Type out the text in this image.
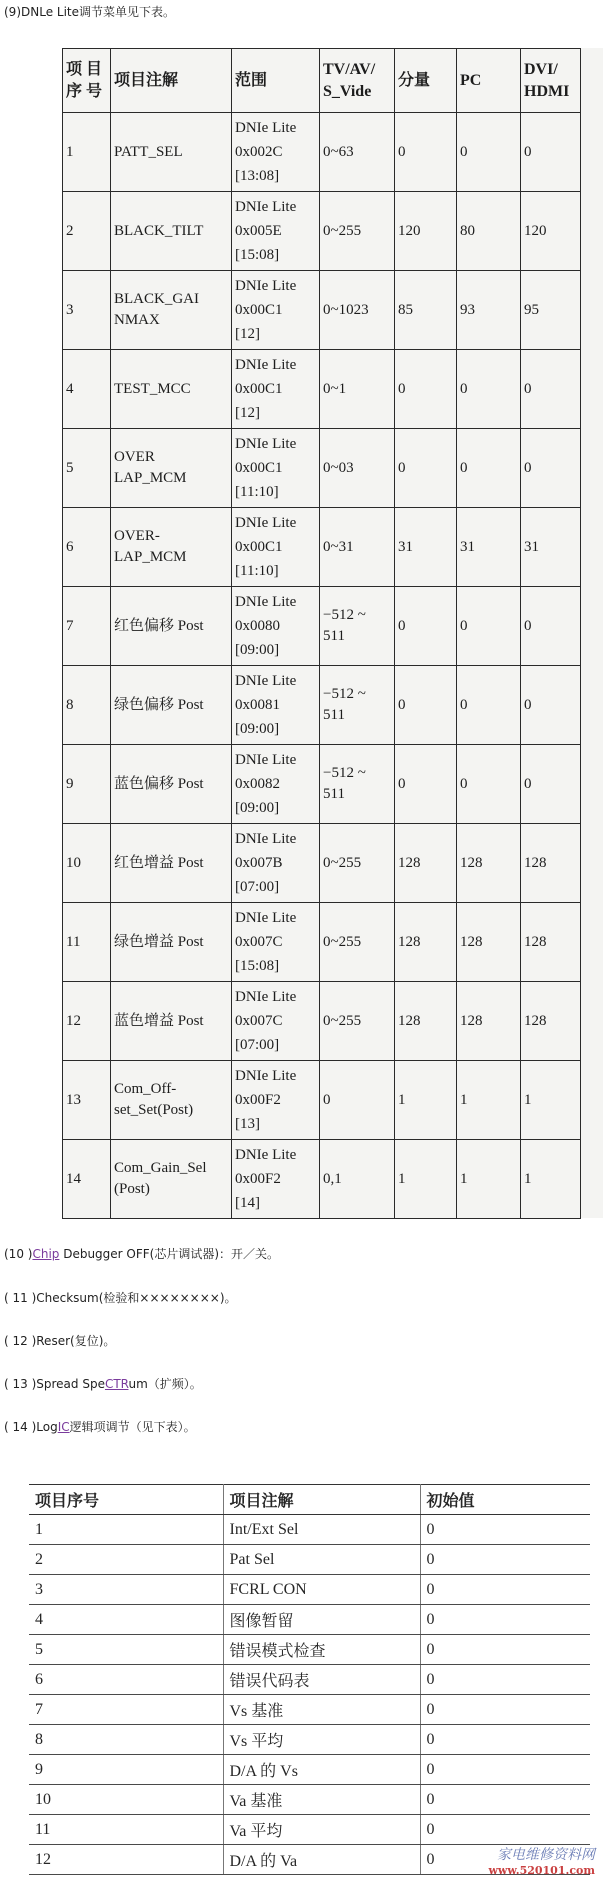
(9)DNLe Lite调节菜单见下表。
项 目
序 号	项目注解	范围	TV/AV/
S_Vide	分量	PC	DVI/
HDMI
1	PATT_SEL	DNIe Lite
0x002C
[13:08]	0~63	0	0	0
2	BLACK_TILT	DNIe Lite
0x005E
[15:08]	0~255	120	80	120
3	BLACK_GAI
NMAX	DNIe Lite
0x00C1
[12]	0~1023	85	93	95
4	TEST_MCC	DNIe Lite
0x00C1
[12]	0~1	0	0	0
5	OVER
LAP_MCM	DNIe Lite
0x00C1
[11:10]	0~03	0	0	0
6	OVER-
LAP_MCM	DNIe Lite
0x00C1
[11:10]	0~31	31	31	31
7	红色偏移 Post	DNIe Lite
0x0080
[09:00]	−512 ~
511	0	0	0
8	绿色偏移 Post	DNIe Lite
0x0081
[09:00]	−512 ~
511	0	0	0
9	蓝色偏移 Post	DNIe Lite
0x0082
[09:00]	−512 ~
511	0	0	0
10	红色增益 Post	DNIe Lite
0x007B
[07:00]	0~255	128	128	128
11	绿色增益 Post	DNIe Lite
0x007C
[15:08]	0~255	128	128	128
12	蓝色增益 Post	DNIe Lite
0x007C
[07:00]	0~255	128	128	128
13	Com_Off-
set_Set(Post)	DNIe Lite
0x00F2
[13]	0	1	1	1
14	Com_Gain_Sel
(Post)	DNIe Lite
0x00F2
[14]	0,1	1	1	1
(10 )Chip Debugger OFF(芯片调试器)：开／关。
( 11 )Checksum(检验和××××××××)。
( 12 )Reser(复位)。
( 13 )Spread SpeCTRum（扩频）。
( 14 )LogIC逻辑项调节（见下表）。
项目序号	项目注解	初始值
1	Int/Ext Sel	0
2	Pat Sel	0
3	FCRL CON	0
4	图像暂留	0
5	错误模式检查	0
6	错误代码表	0
7	Vs 基准	0
8	Vs 平均	0
9	D/A 的 Vs	0
10	Va 基准	0
11	Va 平均	0
12	D/A 的 Va	0	家电维修资料网
www.520101.com
